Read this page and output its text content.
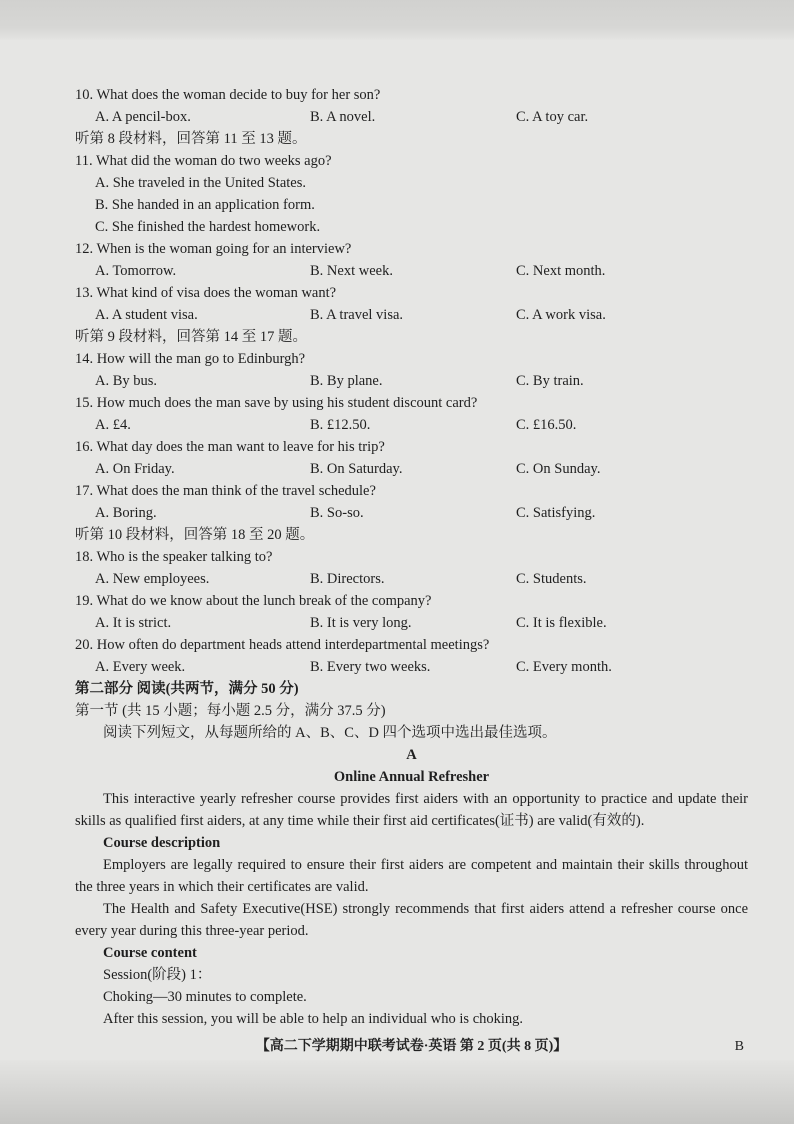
10. What does the woman decide to buy for her son?
A. A pencil-box.	B. A novel.	C. A toy car.
听第 8 段材料，回答第 11 至 13 题。
11. What did the woman do two weeks ago?
A. She traveled in the United States.
B. She handed in an application form.
C. She finished the hardest homework.
12. When is the woman going for an interview?
A. Tomorrow.	B. Next week.	C. Next month.
13. What kind of visa does the woman want?
A. A student visa.	B. A travel visa.	C. A work visa.
听第 9 段材料，回答第 14 至 17 题。
14. How will the man go to Edinburgh?
A. By bus.	B. By plane.	C. By train.
15. How much does the man save by using his student discount card?
A. £4.	B. £12.50.	C. £16.50.
16. What day does the man want to leave for his trip?
A. On Friday.	B. On Saturday.	C. On Sunday.
17. What does the man think of the travel schedule?
A. Boring.	B. So-so.	C. Satisfying.
听第 10 段材料，回答第 18 至 20 题。
18. Who is the speaker talking to?
A. New employees.	B. Directors.	C. Students.
19. What do we know about the lunch break of the company?
A. It is strict.	B. It is very long.	C. It is flexible.
20. How often do department heads attend interdepartmental meetings?
A. Every week.	B. Every two weeks.	C. Every month.
第二部分 阅读(共两节，满分 50 分)
第一节 (共 15 小题；每小题 2.5 分，满分 37.5 分)
阅读下列短文，从每题所给的 A、B、C、D 四个选项中选出最佳选项。
A
Online Annual Refresher
This interactive yearly refresher course provides first aiders with an opportunity to practice and update their
skills as qualified first aiders, at any time while their first aid certificates(证书) are valid(有效的).
Course description
Employers are legally required to ensure their first aiders are competent and maintain their skills throughout
the three years in which their certificates are valid.
The Health and Safety Executive(HSE) strongly recommends that first aiders attend a refresher course once
every year during this three-year period.
Course content
Session(阶段) 1：
Choking—30 minutes to complete.
After this session, you will be able to help an individual who is choking.
【高二下学期期中联考试卷·英语 第 2 页(共 8 页)】	B
